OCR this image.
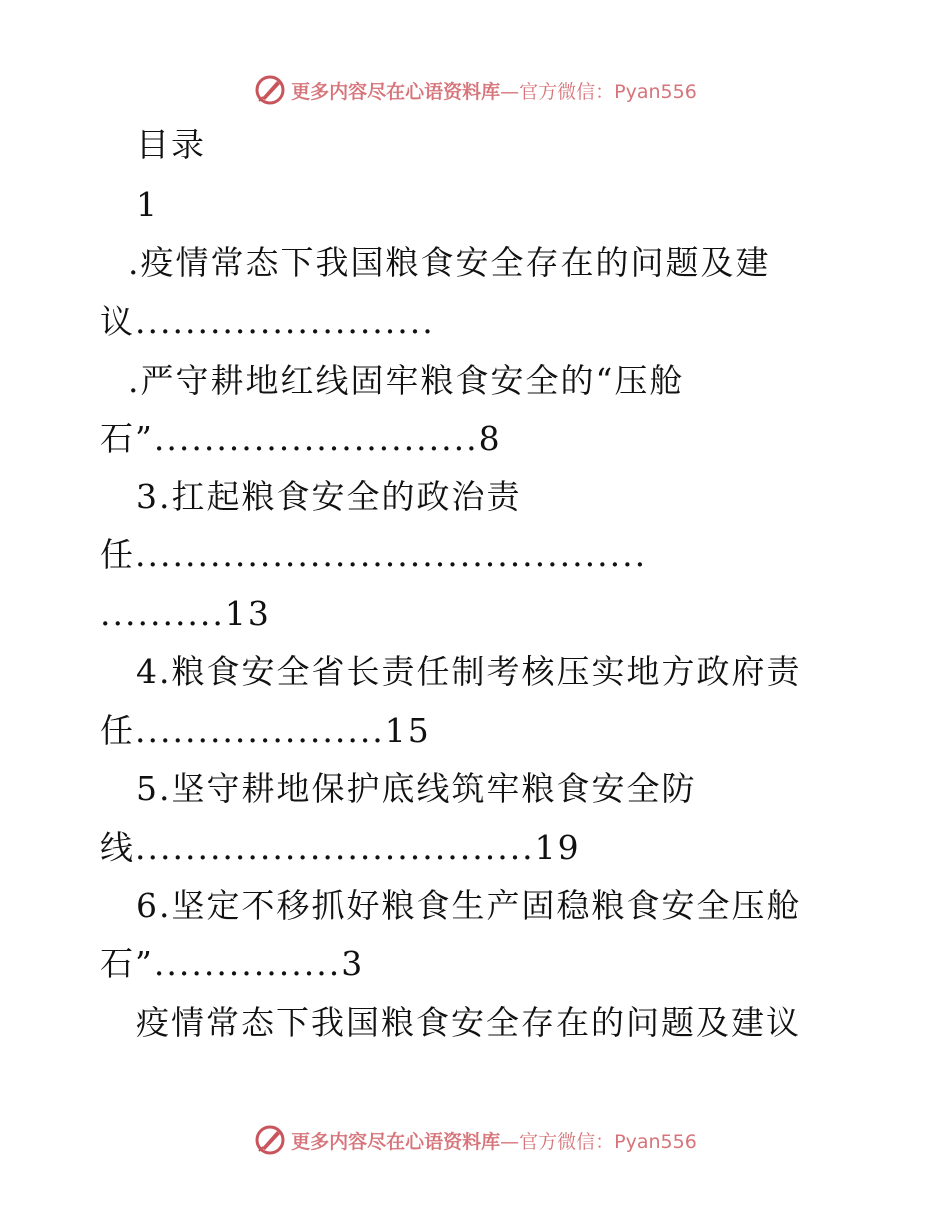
更多内容尽在心语资料库 —官方微信：Pyan556
目录
1
.疫情常态下我国粮食安全存在的问题及建
议........................
.严守耕地红线固牢粮食安全的“压舱
石”..........................8
3.扛起粮食安全的政治责
任.........................................
..........13
4.粮食安全省长责任制考核压实地方政府责
任....................15
5.坚守耕地保护底线筑牢粮食安全防
线................................19
6.坚定不移抓好粮食生产固稳粮食安全压舱
石”...............3
疫情常态下我国粮食安全存在的问题及建议
更多内容尽在心语资料库 —官方微信：Pyan556
